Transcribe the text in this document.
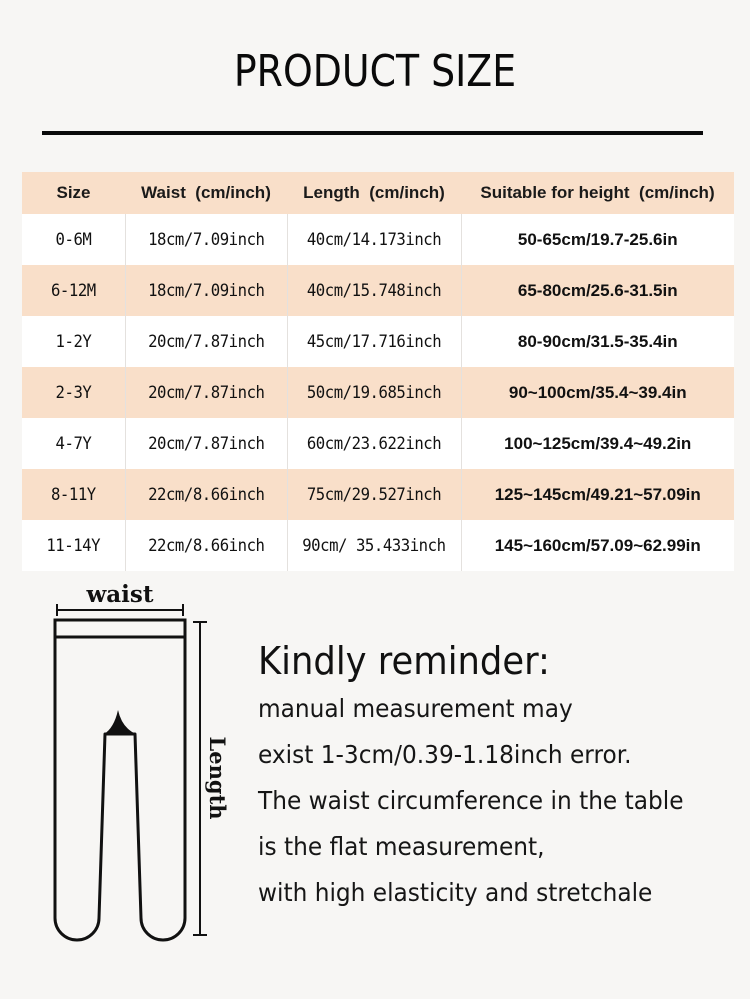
PRODUCT SIZE
Size	Waist  (cm/inch)	Length  (cm/inch)	Suitable for height  (cm/inch)
0-6M	18cm/7.09inch	40cm/14.173inch	50-65cm/19.7-25.6in
6-12M	18cm/7.09inch	40cm/15.748inch	65-80cm/25.6-31.5in
1-2Y	20cm/7.87inch	45cm/17.716inch	80-90cm/31.5-35.4in
2-3Y	20cm/7.87inch	50cm/19.685inch	90~100cm/35.4~39.4in
4-7Y	20cm/7.87inch	60cm/23.622inch	100~125cm/39.4~49.2in
8-11Y	22cm/8.66inch	75cm/29.527inch	125~145cm/49.21~57.09in
11-14Y	22cm/8.66inch	90cm/ 35.433inch	145~160cm/57.09~62.99in
waist
Length
Kindly reminder:

manual measurement may

exist 1-3cm/0.39-1.18inch error.

The waist circumference in the table

is the flat measurement,

with high elasticity and stretchale
